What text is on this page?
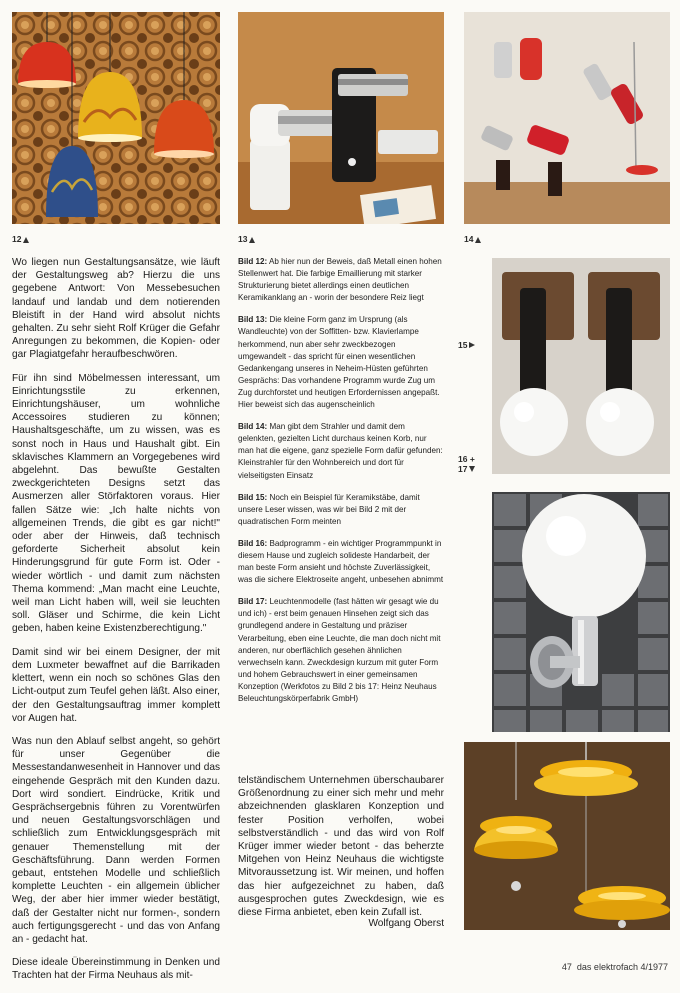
12	13	14
15
16 +
17

Wo liegen nun Gestaltungsansätze, wie läuft der Gestaltungsweg ab? Hierzu die uns gegebene Antwort: Von Messebesuchen landauf und landab und dem notierenden Bleistift in der Hand wird absolut nichts gehalten. Zu sehr sieht Rolf Krüger die Gefahr Anregungen zu bekommen, die Kopien- oder gar Plagiatgefahr heraufbeschwören.

Für ihn sind Möbelmessen interessant, um Einrichtungsstile zu erkennen, Einrichtungshäuser, um wohnliche Accessoires studieren zu können; Haushaltsgeschäfte, um zu wissen, was es sonst noch in Haus und Haushalt gibt. Ein sklavisches Klammern an Vorgegebenes wird abgelehnt. Das bewußte Gestalten zweckgerichteten Designs setzt das Ausmerzen aller Störfaktoren voraus. Hier fallen Sätze wie: „Ich halte nichts von allgemeinen Trends, die gibt es gar nicht!" oder aber der Hinweis, daß technisch geforderte Sicherheit absolut kein Hinderungsgrund für gute Form ist. Oder - wieder wörtlich - und damit zum nächsten Thema kommend: „Man macht eine Leuchte, weil man Licht haben will, weil sie leuchten soll. Gläser und Schirme, die kein Licht geben, haben keine Existenzberechtigung."

Damit sind wir bei einem Designer, der mit dem Luxmeter bewaffnet auf die Barrikaden klettert, wenn ein noch so schönes Glas den Licht-output zum Teufel gehen läßt. Also einer, der den Gestaltungsauftrag immer komplett vor Augen hat.

Was nun den Ablauf selbst angeht, so gehört für unser Gegenüber die Messestandanwesenheit in Hannover und das eingehende Gespräch mit den Kunden dazu. Dort wird sondiert. Eindrücke, Kritik und Gesprächsergebnis führen zu Vorentwürfen und neuen Gestaltungsvorschlägen und schließlich zum Entwicklungsgespräch mit genauer Themenstellung mit der Geschäftsführung. Dann werden Formen gebaut, entstehen Modelle und schließlich komplette Leuchten - ein allgemein üblicher Weg, der aber hier immer wieder bestätigt, daß der Gestalter nicht nur formen-, sondern auch fertigungsgerecht - und das von Anfang an - gedacht hat.

Diese ideale Übereinstimmung in Denken und Trachten hat der Firma Neuhaus als mit-

Bild 12: Ab hier nun der Beweis, daß Metall einen hohen Stellenwert hat. Die farbige Emaillierung mit starker Strukturierung bietet allerdings einen deutlichen Keramikanklang an - worin der besondere Reiz liegt

Bild 13: Die kleine Form ganz im Ursprung (als Wandleuchte) von der Soffitten- bzw. Klavierlampe herkommend, nun aber sehr zweckbezogen umgewandelt - das spricht für einen wesentlichen Gedankengang unseres in Neheim-Hüsten geführten Gesprächs: Das vorhandene Programm wurde Zug um Zug durchforstet und heutigen Erfordernissen angepaßt. Hier beweist sich das augenscheinlich

Bild 14: Man gibt dem Strahler und damit dem gelenkten, gezielten Licht durchaus keinen Korb, nur man hat die eigene, ganz spezielle Form dafür gefunden: Kleinstrahler für den Wohnbereich und dort für vielseitigsten Einsatz

Bild 15: Noch ein Beispiel für Keramikstäbe, damit unsere Leser wissen, was wir bei Bild 2 mit der quadratischen Form meinten

Bild 16: Badprogramm - ein wichtiger Programmpunkt in diesem Hause und zugleich solideste Handarbeit, der man beste Form ansieht und höchste Zuverlässigkeit, was die sichere Elektroseite angeht, unbesehen abnimmt

Bild 17: Leuchtenmodelle (fast hätten wir gesagt wie du und ich) - erst beim genauen Hinsehen zeigt sich das grundlegend andere in Gestaltung und präziser Verarbeitung, eben eine Leuchte, die man doch nicht mit anderen, nur oberflächlich gesehen ähnlichen verwechseln kann. Zweckdesign kurzum mit guter Form und hohem Gebrauchswert in einer gemeinsamen Konzeption (Werkfotos zu Bild 2 bis 17: Heinz Neuhaus Beleuchtungskörperfabrik GmbH)

telständischem Unternehmen überschaubarer Größenordnung zu einer sich mehr und mehr abzeichnenden glasklaren Konzeption und fester Position verholfen, wobei selbstverständlich - und das wird von Rolf Krüger immer wieder betont - das beherzte Mitgehen von Heinz Neuhaus die wichtigste Mitvoraussetzung ist. Wir meinen, und hoffen das hier aufgezeichnet zu haben, daß ausgesprochen gutes Zweckdesign, wie es diese Firma anbietet, eben kein Zufall ist.

Wolfgang Oberst
47 das elektrofach 4/1977
